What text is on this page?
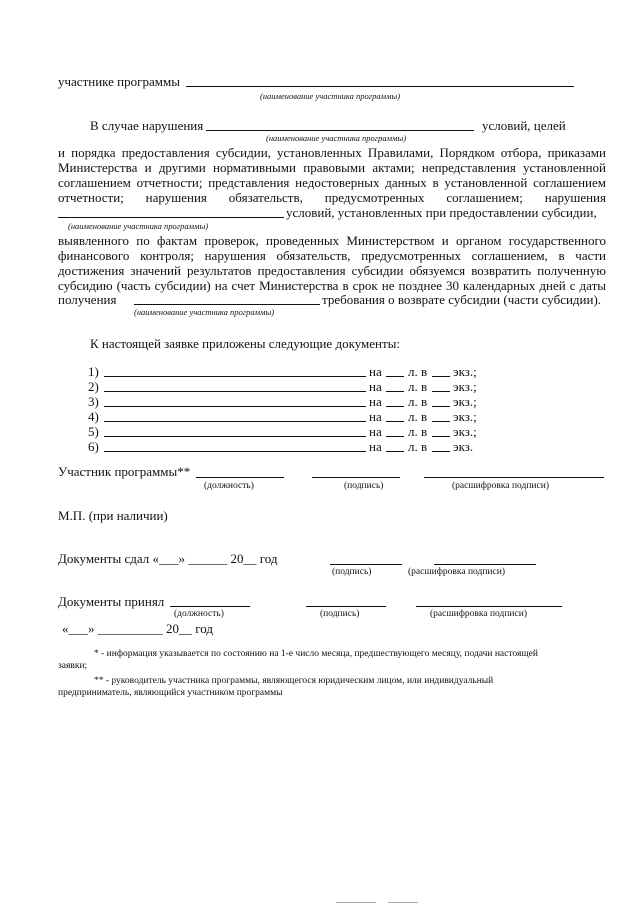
участнике программы
(наименование участника программы)
В случае нарушения	условий, целей
(наименование участника программы)
и порядка предоставления субсидии, установленных Правилами, Порядком отбора, приказами
Министерства и другими нормативными правовыми актами; непредставления установленной
соглашением отчетности; представления недостоверных данных в установленной соглашением
отчетности; нарушения обязательств, предусмотренных соглашением; нарушения
условий, установленных при предоставлении субсидии,
(наименование участника программы)
выявленного по фактам проверок, проведенных Министерством и органом государственного
финансового контроля; нарушения обязательств, предусмотренных соглашением, в части
достижения значений результатов предоставления субсидии обязуемся возвратить полученную
субсидию (часть субсидии) на счет Министерства в срок не позднее 30 календарных дней с даты
получения	требования о возврате субсидии (части субсидии).
(наименование участника программы)
К настоящей заявке приложены следующие документы:
1)	на л. в экз.;
2)	на л. в экз.;
3)	на л. в экз.;
4)	на л. в экз.;
5)	на л. в экз.;
6)	на л. в экз.
Участник программы**
(должность)	(подпись)	(расшифровка подписи)
М.П. (при наличии)
Документы сдал «___» ______ 20__ год
(подпись)	(расшифровка подписи)
Документы принял
(должность)	(подпись)	(расшифровка подписи)
«___» __________ 20__ год
* - информация указывается по состоянию на 1-е число месяца, предшествующего месяцу, подачи настоящей
заявки;
** - руководитель участника программы, являющегося юридическим лицом, или индивидуальный
предприниматель, являющийся участником программы
